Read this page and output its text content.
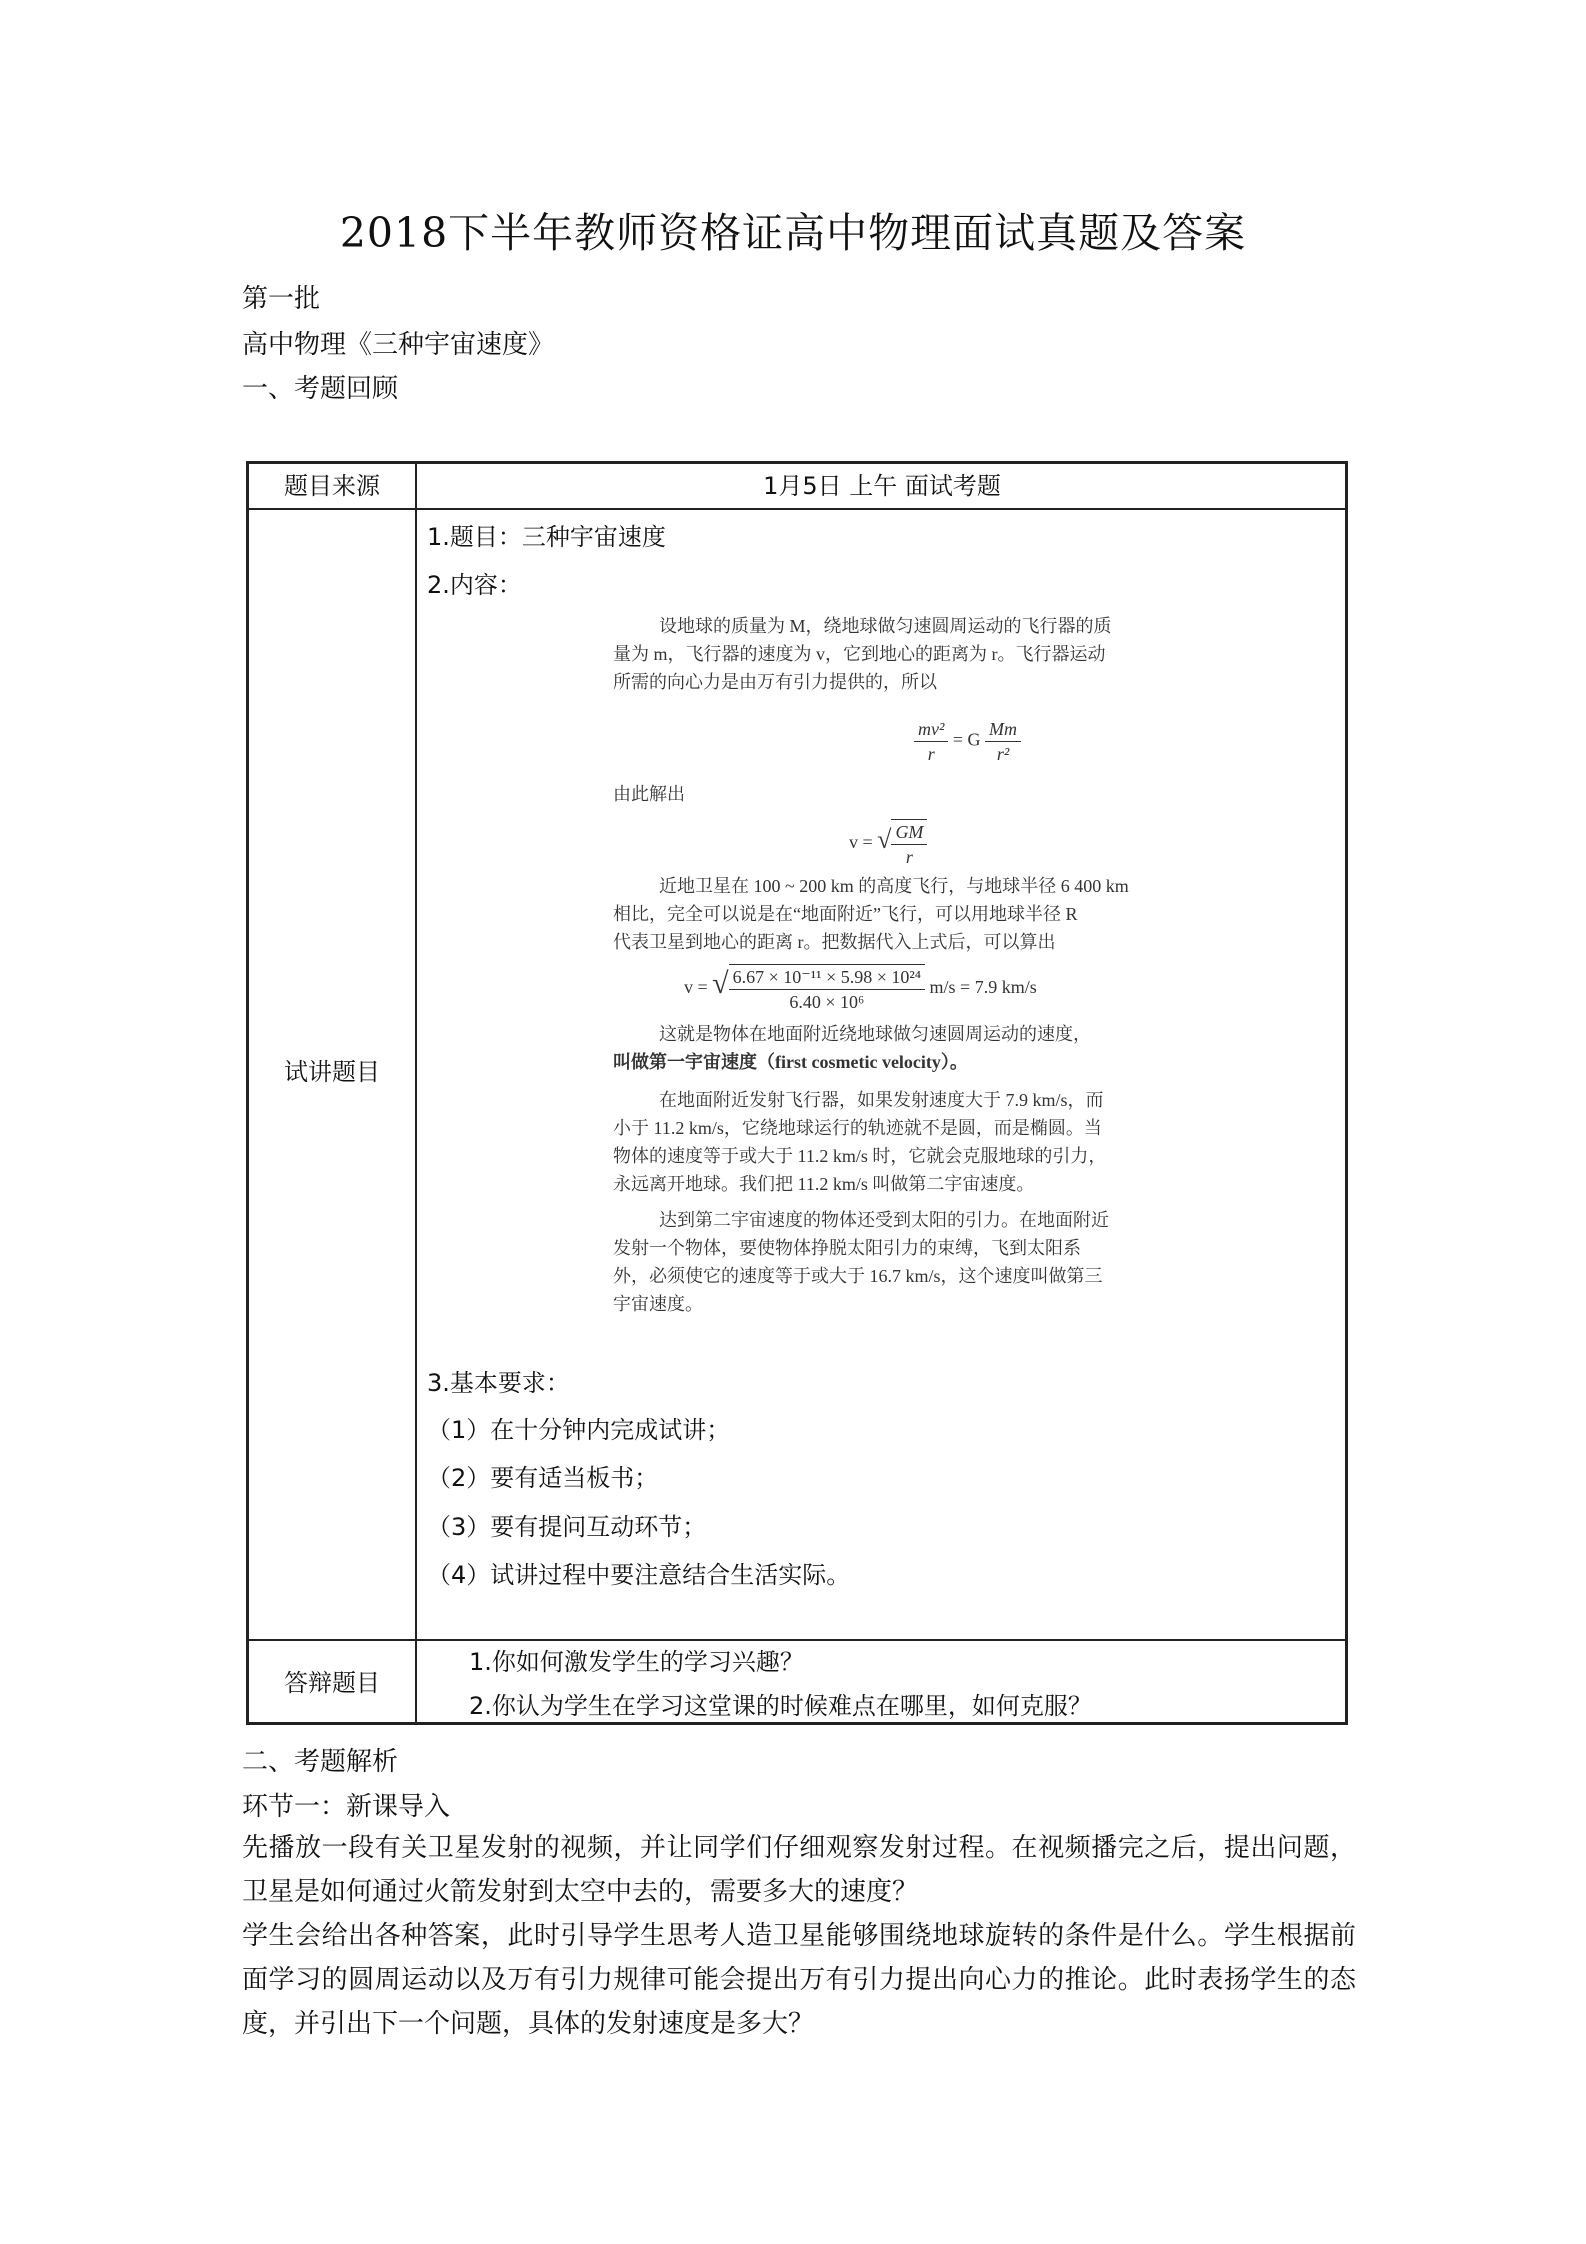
2018下半年教师资格证高中物理面试真题及答案
第一批
高中物理《三种宇宙速度》
一、考题回顾
题目来源	1月5日 上午 面试考题
试讲题目
1.题目：三种宇宙速度
2.内容：
设地球的质量为 M，绕地球做匀速圆周运动的飞行器的质
量为 m，飞行器的速度为 v，它到地心的距离为 r。飞行器运动
所需的向心力是由万有引力提供的，所以
$\frac{\text{mv²}}{r} = G \frac{Mm}{\text{r²}}$
由此解出
v = √ $\frac{GM}{r}$
近地卫星在 100 ~ 200 km 的高度飞行，与地球半径 6 400 km
相比，完全可以说是在“地面附近”飞行，可以用地球半径 R
代表卫星到地心的距离 r。把数据代入上式后，可以算出
v = √ $\frac{\text{6.67 × 10⁻¹¹ × 5.98 × 10²⁴}}{\text{6.40 × 10⁶}} m/s = 7.9$ km/s
这就是物体在地面附近绕地球做匀速圆周运动的速度，
叫做第一宇宙速度（first cosmetic velocity）。
在地面附近发射飞行器，如果发射速度大于 7.9 km/s，而
小于 11.2 km/s，它绕地球运行的轨迹就不是圆，而是椭圆。当
物体的速度等于或大于 11.2 km/s 时，它就会克服地球的引力，
永远离开地球。我们把 11.2 km/s 叫做第二宇宙速度。
达到第二宇宙速度的物体还受到太阳的引力。在地面附近
发射一个物体，要使物体挣脱太阳引力的束缚，飞到太阳系
外，必须使它的速度等于或大于 16.7 km/s，这个速度叫做第三
宇宙速度。
3.基本要求：
（1）在十分钟内完成试讲；
（2）要有适当板书；
（3）要有提问互动环节；
（4）试讲过程中要注意结合生活实际。
答辩题目
1.你如何激发学生的学习兴趣？
2.你认为学生在学习这堂课的时候难点在哪里，如何克服？
二、考题解析
环节一：新课导入
先播放一段有关卫星发射的视频，并让同学们仔细观察发射过程。在视频播完之后，提出问题，卫星是如何通过火箭发射到太空中去的，需要多大的速度？
学生会给出各种答案，此时引导学生思考人造卫星能够围绕地球旋转的条件是什么。学生根据前面学习的圆周运动以及万有引力规律可能会提出万有引力提出向心力的推论。此时表扬学生的态度，并引出下一个问题，具体的发射速度是多大？
